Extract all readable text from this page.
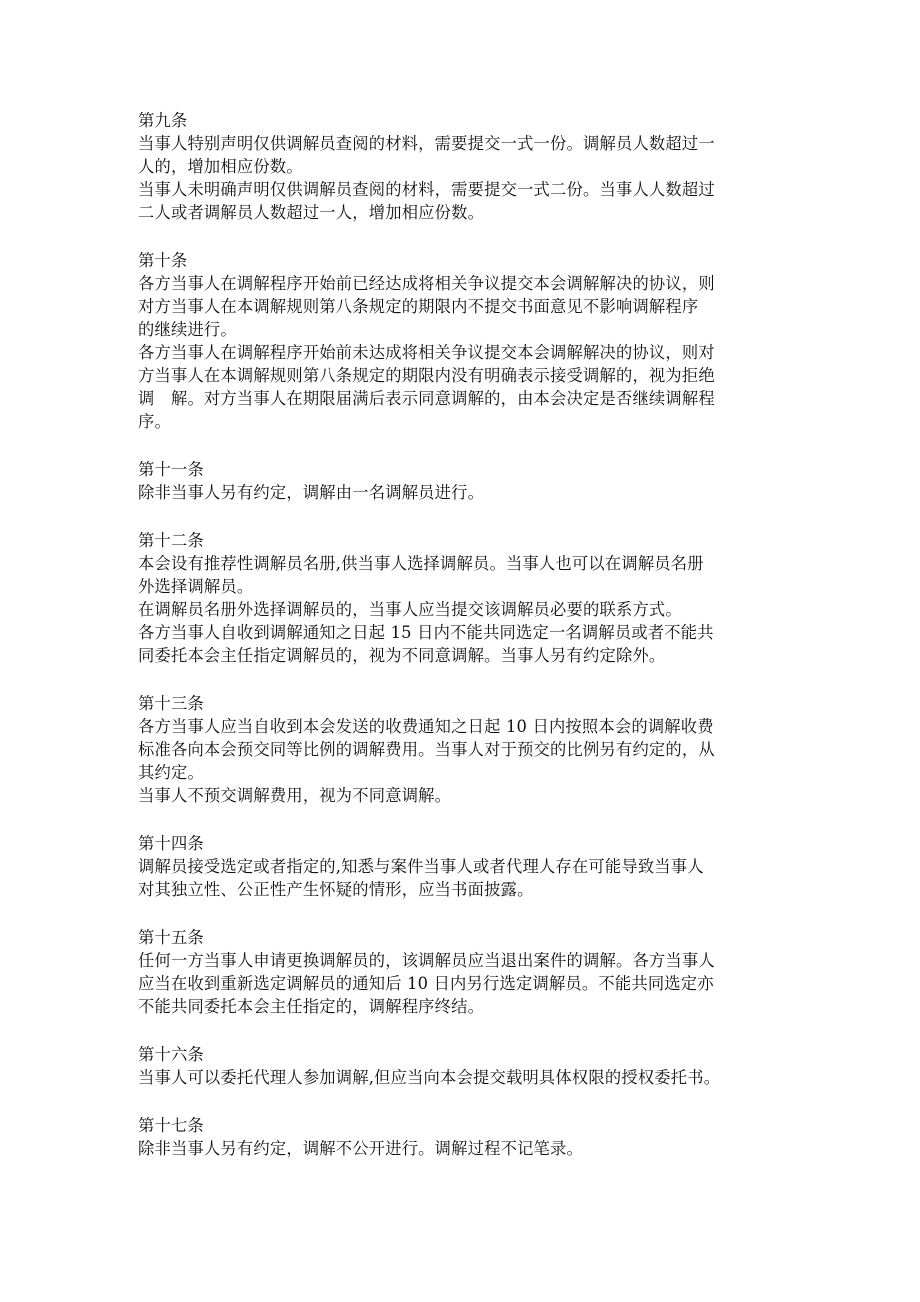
第九条
当事人特别声明仅供调解员查阅的材料，需要提交一式一份。调解员人数超过一
人的，增加相应份数。
当事人未明确声明仅供调解员查阅的材料，需要提交一式二份。当事人人数超过
二人或者调解员人数超过一人，增加相应份数。
第十条
各方当事人在调解程序开始前已经达成将相关争议提交本会调解解决的协议，则
对方当事人在本调解规则第八条规定的期限内不提交书面意见不影响调解程序
的继续进行。
各方当事人在调解程序开始前未达成将相关争议提交本会调解解决的协议，则对
方当事人在本调解规则第八条规定的期限内没有明确表示接受调解的，视为拒绝
调　解。对方当事人在期限届满后表示同意调解的，由本会决定是否继续调解程
序。
第十一条
除非当事人另有约定，调解由一名调解员进行。
第十二条
本会设有推荐性调解员名册,供当事人选择调解员。当事人也可以在调解员名册
外选择调解员。
在调解员名册外选择调解员的，当事人应当提交该调解员必要的联系方式。
各方当事人自收到调解通知之日起 15 日内不能共同选定一名调解员或者不能共
同委托本会主任指定调解员的，视为不同意调解。当事人另有约定除外。
第十三条
各方当事人应当自收到本会发送的收费通知之日起 10 日内按照本会的调解收费
标准各向本会预交同等比例的调解费用。当事人对于预交的比例另有约定的，从
其约定。
当事人不预交调解费用，视为不同意调解。
第十四条
调解员接受选定或者指定的,知悉与案件当事人或者代理人存在可能导致当事人
对其独立性、公正性产生怀疑的情形，应当书面披露。
第十五条
任何一方当事人申请更换调解员的，该调解员应当退出案件的调解。各方当事人
应当在收到重新选定调解员的通知后 10 日内另行选定调解员。不能共同选定亦
不能共同委托本会主任指定的，调解程序终结。
第十六条
当事人可以委托代理人参加调解,但应当向本会提交载明具体权限的授权委托书。
第十七条
除非当事人另有约定，调解不公开进行。调解过程不记笔录。
